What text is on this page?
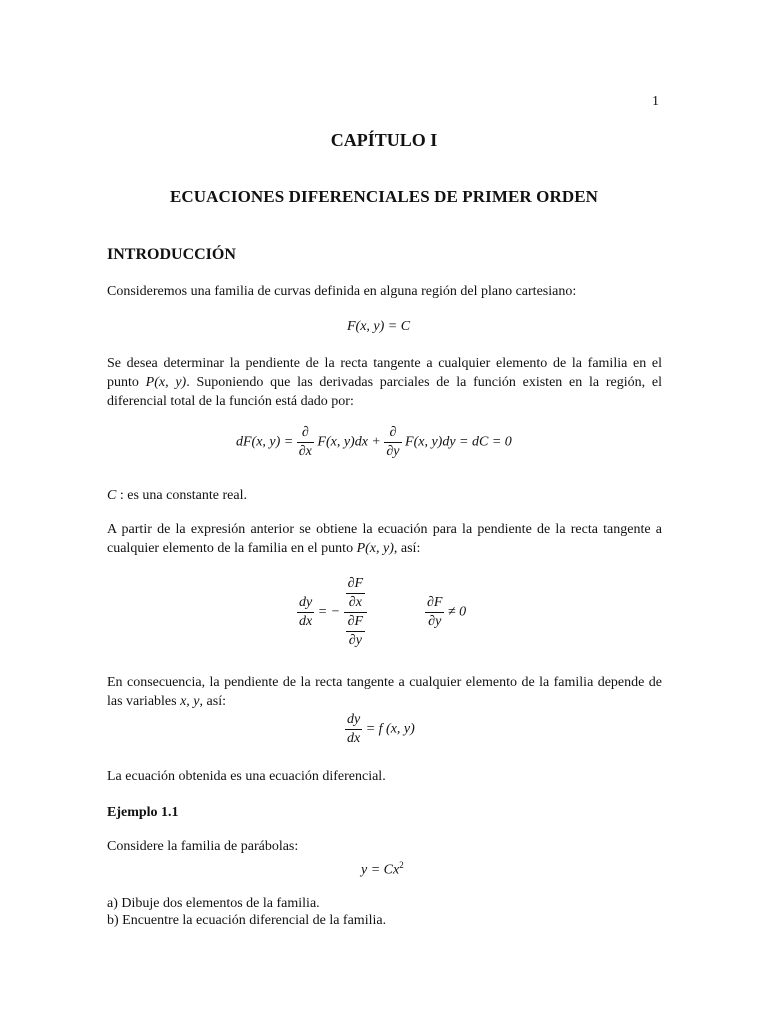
1
CAPÍTULO I
ECUACIONES DIFERENCIALES DE PRIMER ORDEN
INTRODUCCIÓN

Consideremos una familia de curvas definida en alguna región del plano cartesiano:

F(x, y) = C

Se desea determinar la pendiente de la recta tangente a cualquier elemento de la familia en el punto P(x, y). Suponiendo que las derivadas parciales de la función existen en la región, el diferencial total de la función está dado por:

dF(x, $y) = \frac{\partial}{\partial x} F(x$, $y)dx + \frac{\partial}{\partial y} F(x$, y)dy = dC = 0

C : es una constante real.

A partir de la expresión anterior se obtiene la ecuación para la pendiente de la recta tangente a cualquier elemento de la familia en el punto P(x, y), así:

$\frac{dy}{dx}$ = − $\frac{\frac{\partial F}{\partial x}}{\frac{\partial F}{\partial y}}$	$\frac{\partial F}{\partial y} \ne 0$

En consecuencia, la pendiente de la recta tangente a cualquier elemento de la familia depende de las variables x, y, así:

$\frac{dy}{dx} = f$ (x, y)

La ecuación obtenida es una ecuación diferencial.

Ejemplo 1.1

Considere la familia de parábolas:

$y = Cx^2$

a) Dibuje dos elementos de la familia.

b) Encuentre la ecuación diferencial de la familia.
